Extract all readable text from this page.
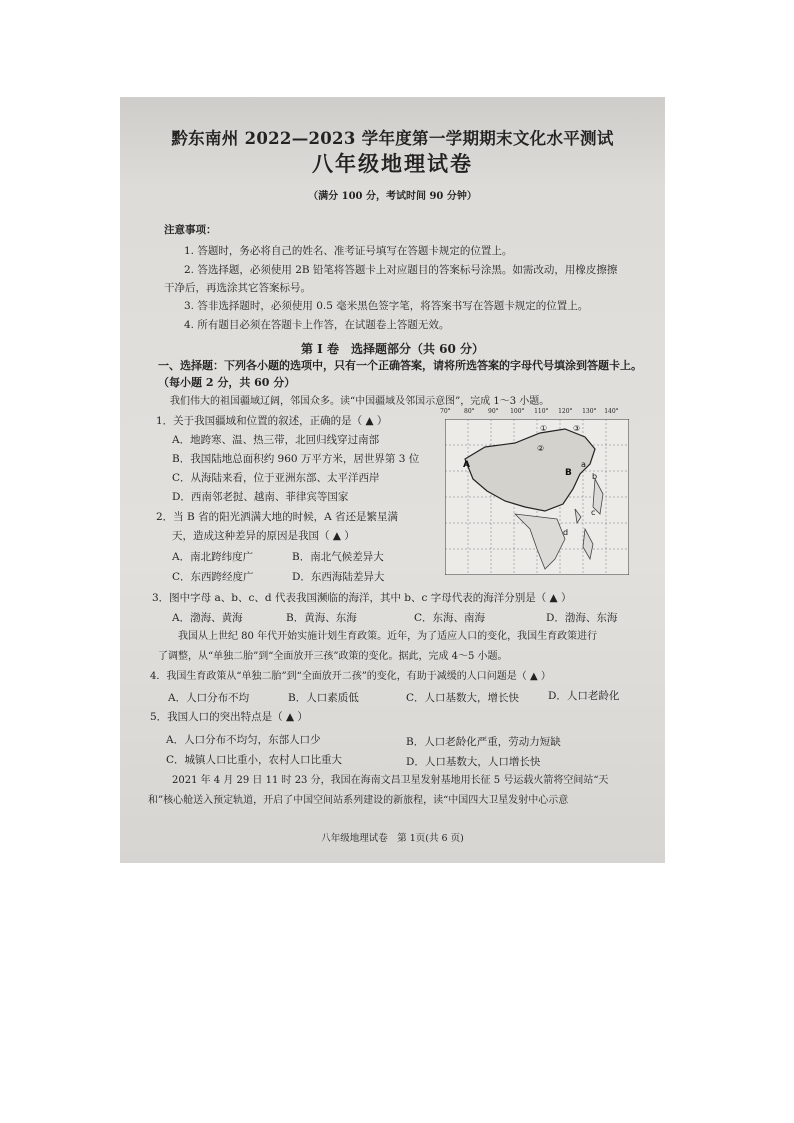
黔东南州 2022—2023 学年度第一学期期末文化水平测试
八年级地理试卷
（满分 100 分，考试时间 90 分钟）
注意事项：
1. 答题时，务必将自己的姓名、准考证号填写在答题卡规定的位置上。
2. 答选择题，必须使用 2B 铅笔将答题卡上对应题目的答案标号涂黑。如需改动，用橡皮擦擦
干净后，再选涂其它答案标号。
3. 答非选择题时，必须使用 0.5 毫米黑色签字笔，将答案书写在答题卡规定的位置上。
4. 所有题目必须在答题卡上作答，在试题卷上答题无效。
第 I 卷　选择题部分（共 60 分）
一、选择题：下列各小题的选项中，只有一个正确答案，请将所选答案的字母代号填涂到答题卡上。
（每小题 2 分，共 60 分）
我们伟大的祖国疆域辽阔，邻国众多。读“中国疆域及邻国示意图”，完成 1～3 小题。
1．关于我国疆域和位置的叙述，正确的是（ ▲ ）
A．地跨寒、温、热三带，北回归线穿过南部
B．我国陆地总面积约 960 万平方米，居世界第 3 位
C．从海陆来看，位于亚洲东部、太平洋西岸
D．西南邻老挝、越南、菲律宾等国家
2．当 B 省的阳光洒满大地的时候，A 省还是繁星满
天，造成这种差异的原因是我国（ ▲ ）
A．南北跨纬度广	B．南北气候差异大
C．东西跨经度广	D．东西海陆差异大
3．图中字母 a、b、c、d 代表我国濒临的海洋，其中 b、c 字母代表的海洋分别是（ ▲ ）
A．渤海、黄海	B．黄海、东海	C．东海、南海	D．渤海、东海
我国从上世纪 80 年代开始实施计划生育政策。近年，为了适应人口的变化，我国生育政策进行
了调整，从“单独二胎”到“全面放开三孩”政策的变化。据此，完成 4～5 小题。
4．我国生育政策从“单独二胎”到“全面放开二孩”的变化，有助于减缓的人口问题是（ ▲ ）
A．人口分布不均	B．人口素质低	C．人口基数大，增长快	D．人口老龄化
5．我国人口的突出特点是（ ▲ ）
A．人口分布不均匀，东部人口少	B．人口老龄化严重，劳动力短缺
C．城镇人口比重小，农村人口比重大	D．人口基数大，人口增长快
2021 年 4 月 29 日 11 时 23 分，我国在海南文昌卫星发射基地用长征 5 号运载火箭将空间站“天
和”核心舱送入预定轨道，开启了中国空间站系列建设的新旅程，读“中国四大卫星发射中心示意
A
B
a
b
c
d
①
②
③
70° 80° 90° 100° 110° 120° 130° 140°
八年级地理试卷　第 1页(共 6 页)
